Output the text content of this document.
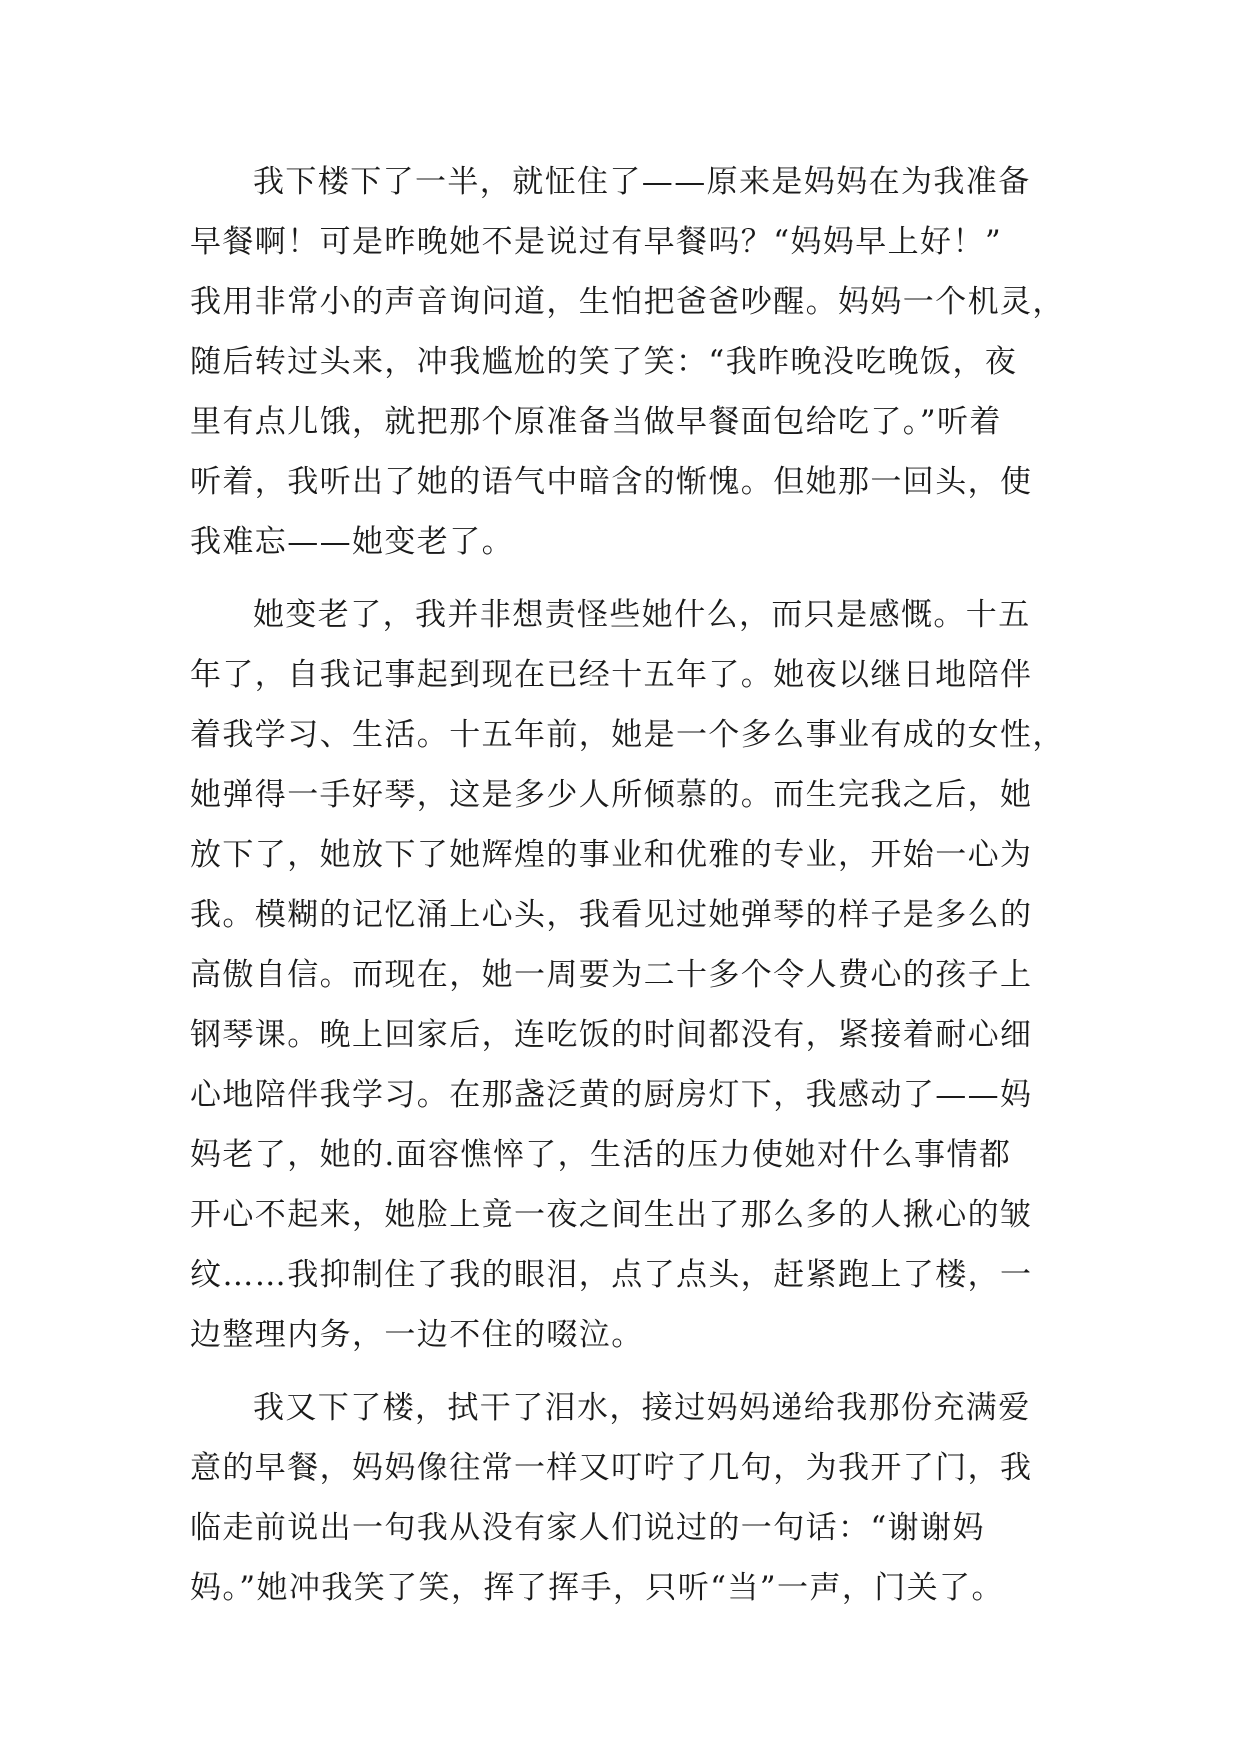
我下楼下了一半，就怔住了——原来是妈妈在为我准备
早餐啊！可是昨晚她不是说过有早餐吗？“妈妈早上好！”
我用非常小的声音询问道，生怕把爸爸吵醒。妈妈一个机灵，
随后转过头来，冲我尴尬的笑了笑：“我昨晚没吃晚饭，夜
里有点儿饿，就把那个原准备当做早餐面包给吃了。”听着
听着，我听出了她的语气中暗含的惭愧。但她那一回头，使
我难忘——她变老了。
她变老了，我并非想责怪些她什么，而只是感慨。十五
年了，自我记事起到现在已经十五年了。她夜以继日地陪伴
着我学习、生活。十五年前，她是一个多么事业有成的女性，
她弹得一手好琴，这是多少人所倾慕的。而生完我之后，她
放下了，她放下了她辉煌的事业和优雅的专业，开始一心为
我。模糊的记忆涌上心头，我看见过她弹琴的样子是多么的
高傲自信。而现在，她一周要为二十多个令人费心的孩子上
钢琴课。晚上回家后，连吃饭的时间都没有，紧接着耐心细
心地陪伴我学习。在那盏泛黄的厨房灯下，我感动了——妈
妈老了，她的.面容憔悴了，生活的压力使她对什么事情都
开心不起来，她脸上竟一夜之间生出了那么多的人揪心的皱
纹……我抑制住了我的眼泪，点了点头，赶紧跑上了楼，一
边整理内务，一边不住的啜泣。
我又下了楼，拭干了泪水，接过妈妈递给我那份充满爱
意的早餐，妈妈像往常一样又叮咛了几句，为我开了门，我
临走前说出一句我从没有家人们说过的一句话：“谢谢妈
妈。”她冲我笑了笑，挥了挥手，只听“当”一声，门关了。
